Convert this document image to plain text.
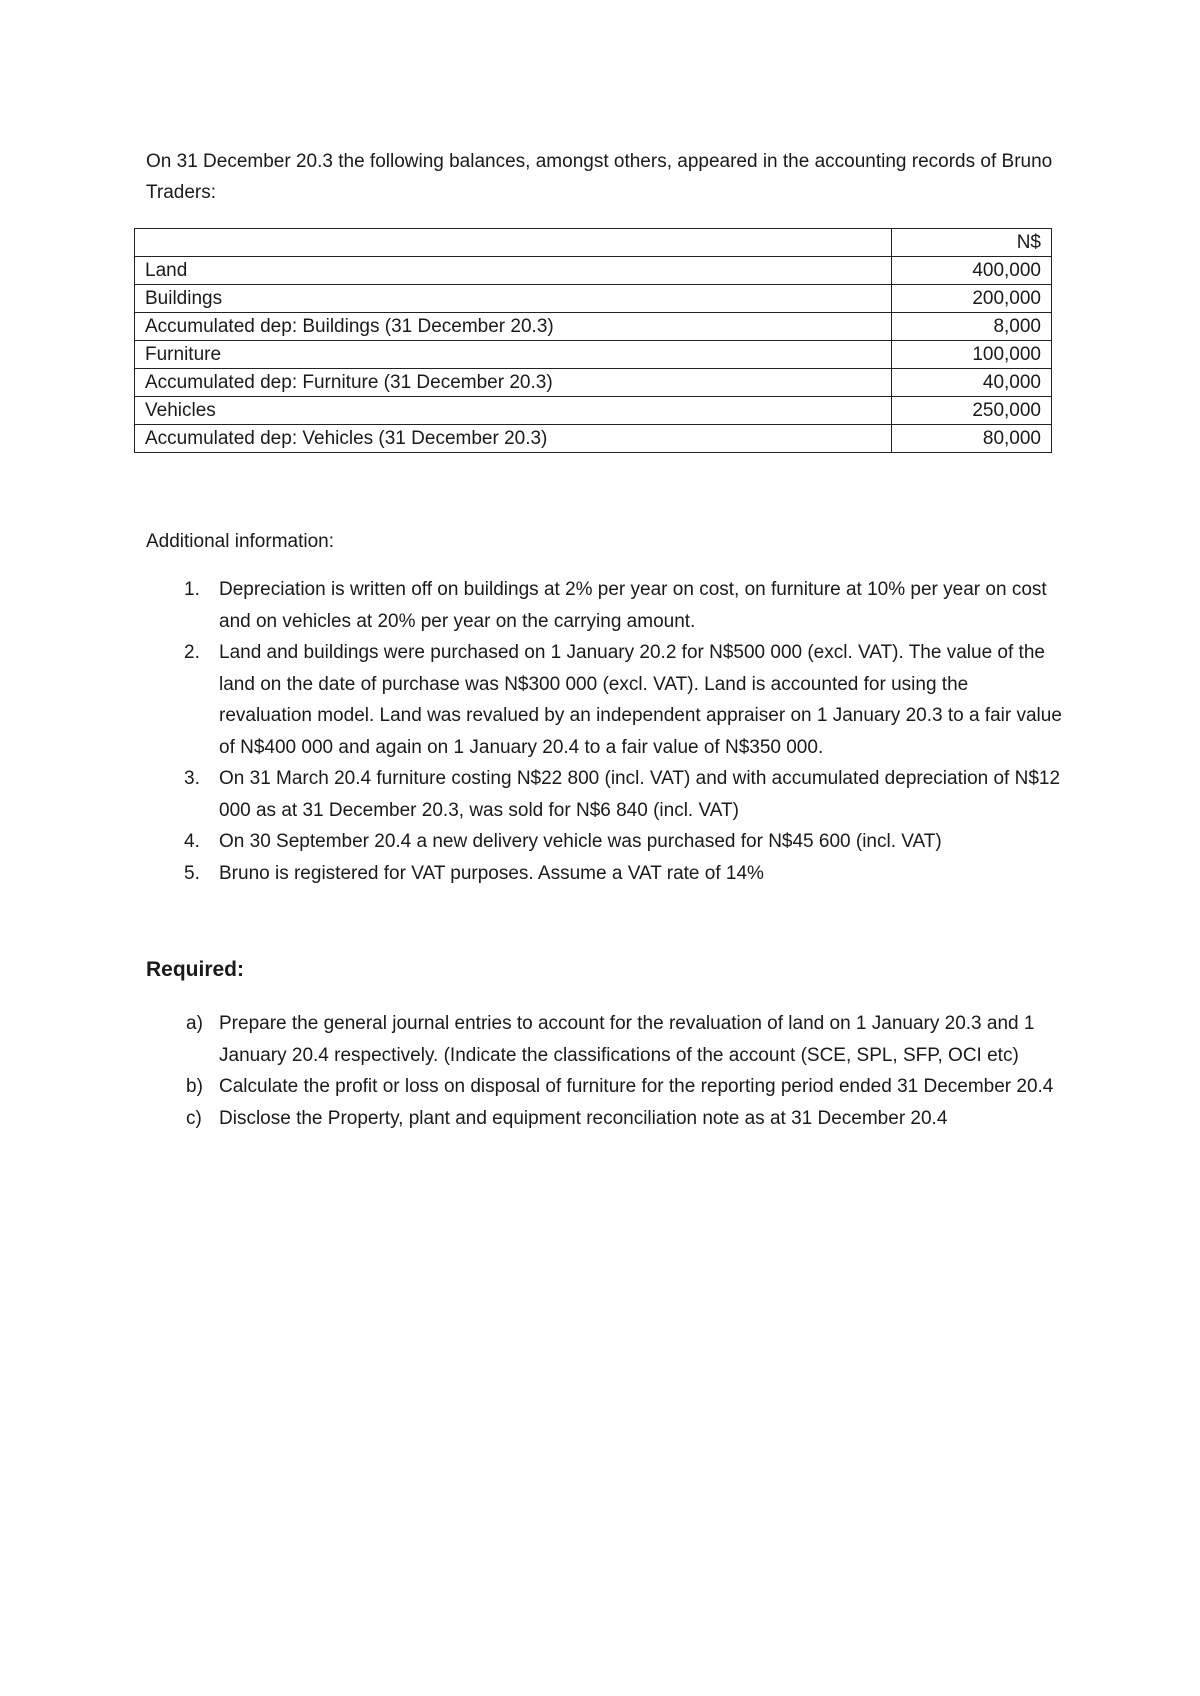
On 31 December 20.3 the following balances, amongst others, appeared in the accounting records of Bruno Traders:

	N$
Land	400,000
Buildings	200,000
Accumulated dep: Buildings (31 December 20.3)	8,000
Furniture	100,000
Accumulated dep: Furniture (31 December 20.3)	40,000
Vehicles	250,000
Accumulated dep: Vehicles (31 December 20.3)	80,000

Additional information:

1. Depreciation is written off on buildings at 2% per year on cost, on furniture at 10% per year on cost and on vehicles at 20% per year on the carrying amount.
2. Land and buildings were purchased on 1 January 20.2 for N$500 000 (excl. VAT). The value of the land on the date of purchase was N$300 000 (excl. VAT). Land is accounted for using the revaluation model. Land was revalued by an independent appraiser on 1 January 20.3 to a fair value of N$400 000 and again on 1 January 20.4 to a fair value of N$350 000.
3. On 31 March 20.4 furniture costing N$22 800 (incl. VAT) and with accumulated depreciation of N$12 000 as at 31 December 20.3, was sold for N$6 840 (incl. VAT)
4. On 30 September 20.4 a new delivery vehicle was purchased for N$45 600 (incl. VAT)
5. Bruno is registered for VAT purposes. Assume a VAT rate of 14%

Required:

a) Prepare the general journal entries to account for the revaluation of land on 1 January 20.3 and 1 January 20.4 respectively. (Indicate the classifications of the account (SCE, SPL, SFP, OCI etc)
b) Calculate the profit or loss on disposal of furniture for the reporting period ended 31 December 20.4
c) Disclose the Property, plant and equipment reconciliation note as at 31 December 20.4
